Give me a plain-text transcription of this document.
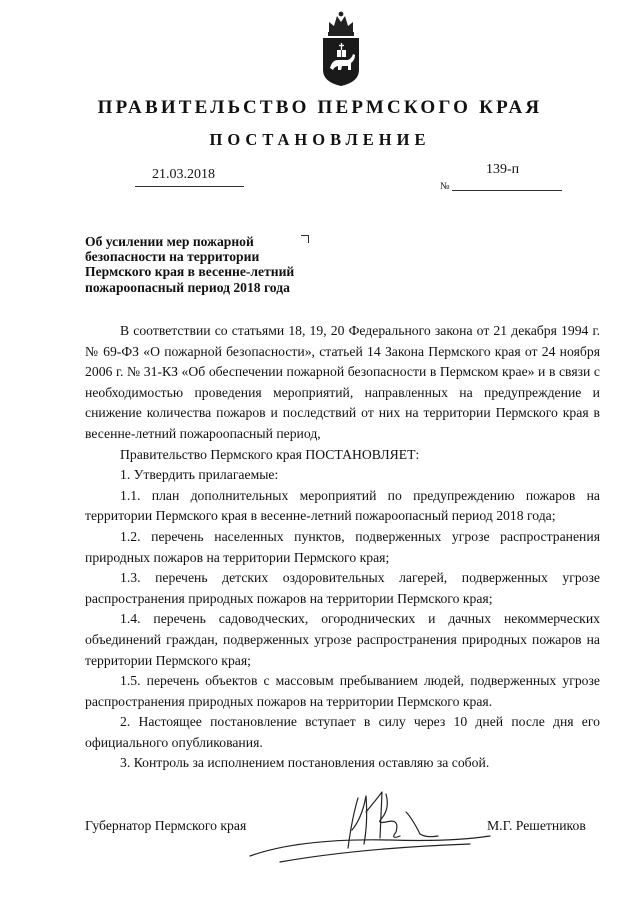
ПРАВИТЕЛЬСТВО ПЕРМСКОГО КРАЯ
ПОСТАНОВЛЕНИЕ
21.03.2018	139-п
№
Об усилении мер пожарной безопасности на территории Пермского края в весенне-летний пожароопасный период 2018 года

В соответствии со статьями 18, 19, 20 Федерального закона от 21 декабря 1994 г. № 69-ФЗ «О пожарной безопасности», статьей 14 Закона Пермского края от 24 ноября 2006 г. № 31-КЗ «Об обеспечении пожарной безопасности в Пермском крае» и в связи с необходимостью проведения мероприятий, направленных на предупреждение и снижение количества пожаров и последствий от них на территории Пермского края в весенне-летний пожароопасный период,

Правительство Пермского края ПОСТАНОВЛЯЕТ:

1. Утвердить прилагаемые:

1.1. план дополнительных мероприятий по предупреждению пожаров на территории Пермского края в весенне-летний пожароопасный период 2018 года;

1.2. перечень населенных пунктов, подверженных угрозе распространения природных пожаров на территории Пермского края;

1.3. перечень детских оздоровительных лагерей, подверженных угрозе распространения природных пожаров на территории Пермского края;

1.4. перечень садоводческих, огороднических и дачных некоммерческих объединений граждан, подверженных угрозе распространения природных пожаров на территории Пермского края;

1.5. перечень объектов с массовым пребыванием людей, подверженных угрозе распространения природных пожаров на территории Пермского края.

2. Настоящее постановление вступает в силу через 10 дней после дня его официального опубликования.

3. Контроль за исполнением постановления оставляю за собой.

Губернатор Пермского края	М.Г. Решетников
